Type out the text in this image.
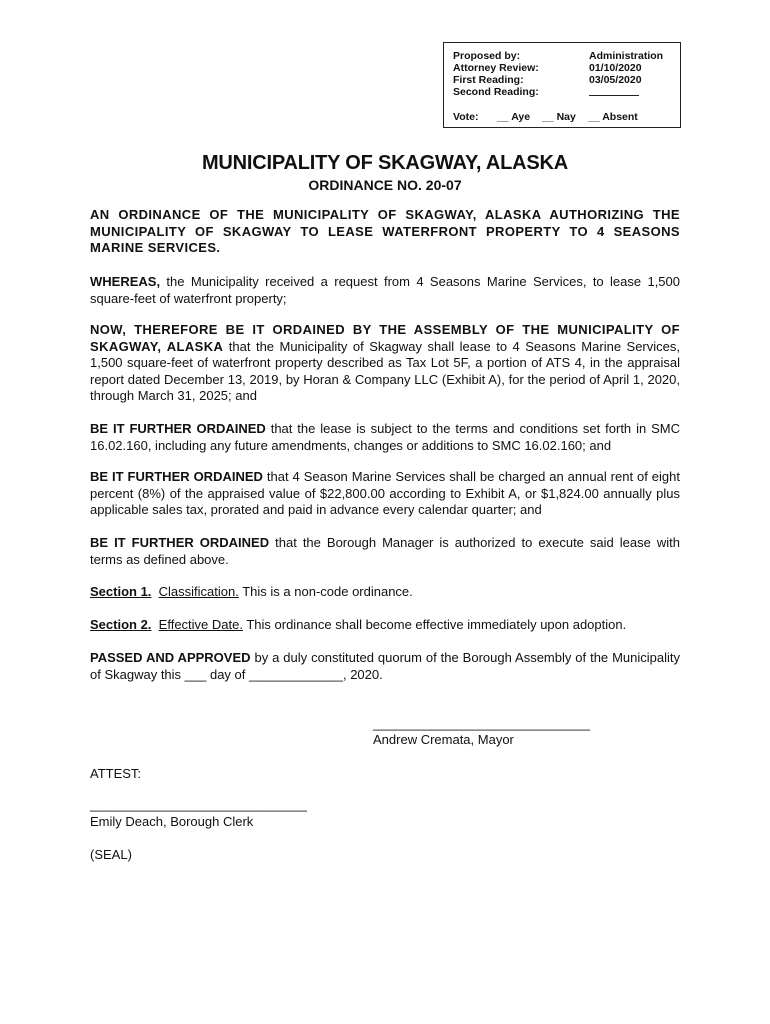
Proposed by:	Administration
Attorney Review:	01/10/2020
First Reading:	03/05/2020
Second Reading:
Vote: __ Aye __ Nay __ Absent
MUNICIPALITY OF SKAGWAY, ALASKA
ORDINANCE NO. 20-07
AN ORDINANCE OF THE MUNICIPALITY OF SKAGWAY, ALASKA AUTHORIZING THE MUNICIPALITY OF SKAGWAY TO LEASE WATERFRONT PROPERTY TO 4 SEASONS MARINE SERVICES.
WHEREAS, the Municipality received a request from 4 Seasons Marine Services, to lease 1,500 square-feet of waterfront property;
NOW, THEREFORE BE IT ORDAINED BY THE ASSEMBLY OF THE MUNICIPALITY OF SKAGWAY, ALASKA that the Municipality of Skagway shall lease to 4 Seasons Marine Services, 1,500 square-feet of waterfront property described as Tax Lot 5F, a portion of ATS 4, in the appraisal report dated December 13, 2019, by Horan & Company LLC (Exhibit A), for the period of April 1, 2020, through March 31, 2025; and
BE IT FURTHER ORDAINED that the lease is subject to the terms and conditions set forth in SMC 16.02.160, including any future amendments, changes or additions to SMC 16.02.160; and
BE IT FURTHER ORDAINED that 4 Season Marine Services shall be charged an annual rent of eight percent (8%) of the appraised value of $22,800.00 according to Exhibit A, or $1,824.00 annually plus applicable sales tax, prorated and paid in advance every calendar quarter; and
BE IT FURTHER ORDAINED that the Borough Manager is authorized to execute said lease with terms as defined above.
Section 1. Classification. This is a non-code ordinance.
Section 2. Effective Date. This ordinance shall become effective immediately upon adoption.
PASSED AND APPROVED by a duly constituted quorum of the Borough Assembly of the Municipality of Skagway this ___ day of _____________, 2020.
______________________________
Andrew Cremata, Mayor
ATTEST:
______________________________
Emily Deach, Borough Clerk
(SEAL)
